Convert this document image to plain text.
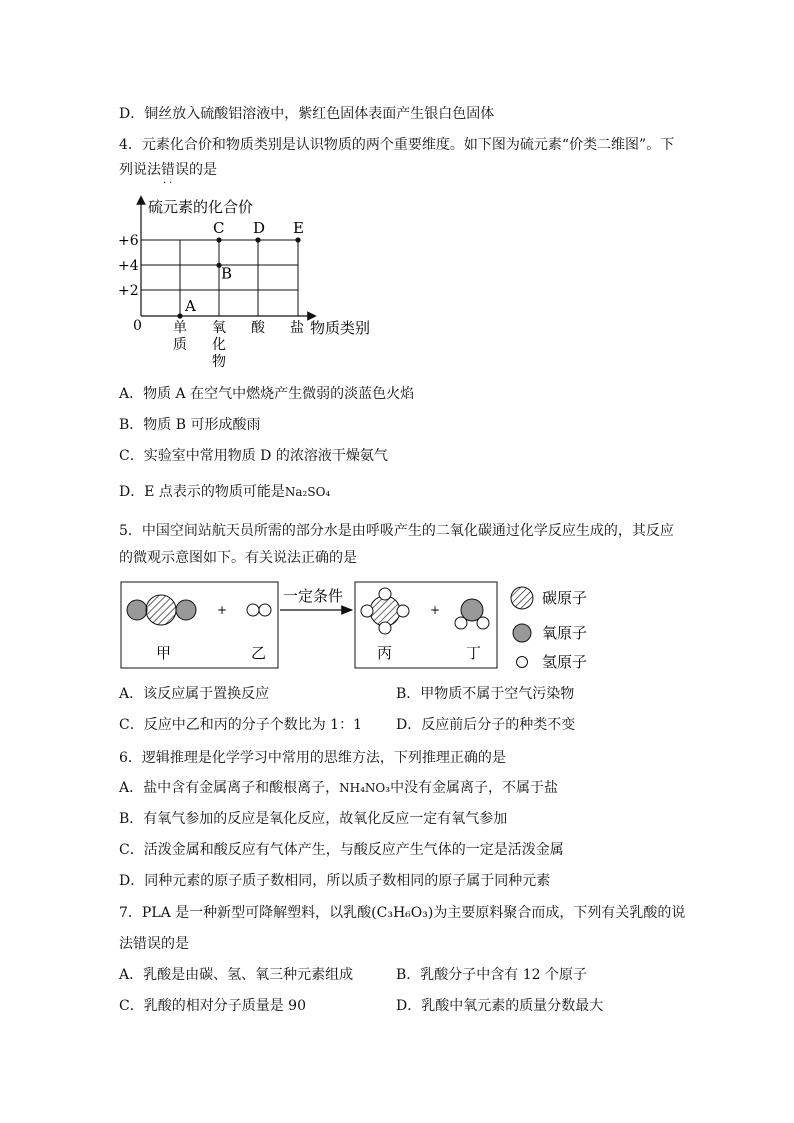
D．铜丝放入硫酸铝溶液中，紫红色固体表面产生银白色固体
4．元素化合价和物质类别是认识物质的两个重要维度。如下图为硫元素“价类二维图”。下
列说法错误 ··的是
硫元素的化合价
物质类别
0
+6
+4
+2
单质
氧化物
酸 盐
A
B
C D E
A．物质 A 在空气中燃烧产生微弱的淡蓝色火焰
B．物质 B 可形成酸雨
C．实验室中常用物质 D 的浓溶液干燥氨气
D．E 点表示的物质可能是Na₂SO₄
5．中国空间站航天员所需的部分水是由呼吸产生的二氧化碳通过化学反应生成的，其反应
的微观示意图如下。有关说法正确的是
+
甲	乙
一定条件
+
丙	丁
碳原子
氧原子
氢原子
A．该反应属于置换反应	B．甲物质不属于空气污染物
C．反应中乙和丙的分子个数比为 1：1 D．反应前后分子的种类不变
6．逻辑推理是化学学习中常用的思维方法，下列推理正确的是
A．盐中含有金属离子和酸根离子，NH₄NO₃中没有金属离子，不属于盐
B．有氧气参加的反应是氧化反应，故氧化反应一定有氧气参加
C．活泼金属和酸反应有气体产生，与酸反应产生气体的一定是活泼金属
D．同种元素的原子质子数相同，所以质子数相同的原子属于同种元素
7．PLA 是一种新型可降解塑料，以乳酸(C₃H₆O₃)为主要原料聚合而成，下列有关乳酸的说
法错误的是
A．乳酸是由碳、氢、氧三种元素组成	B．乳酸分子中含有 12 个原子
C．乳酸的相对分子质量是 90	D．乳酸中氧元素的质量分数最大
